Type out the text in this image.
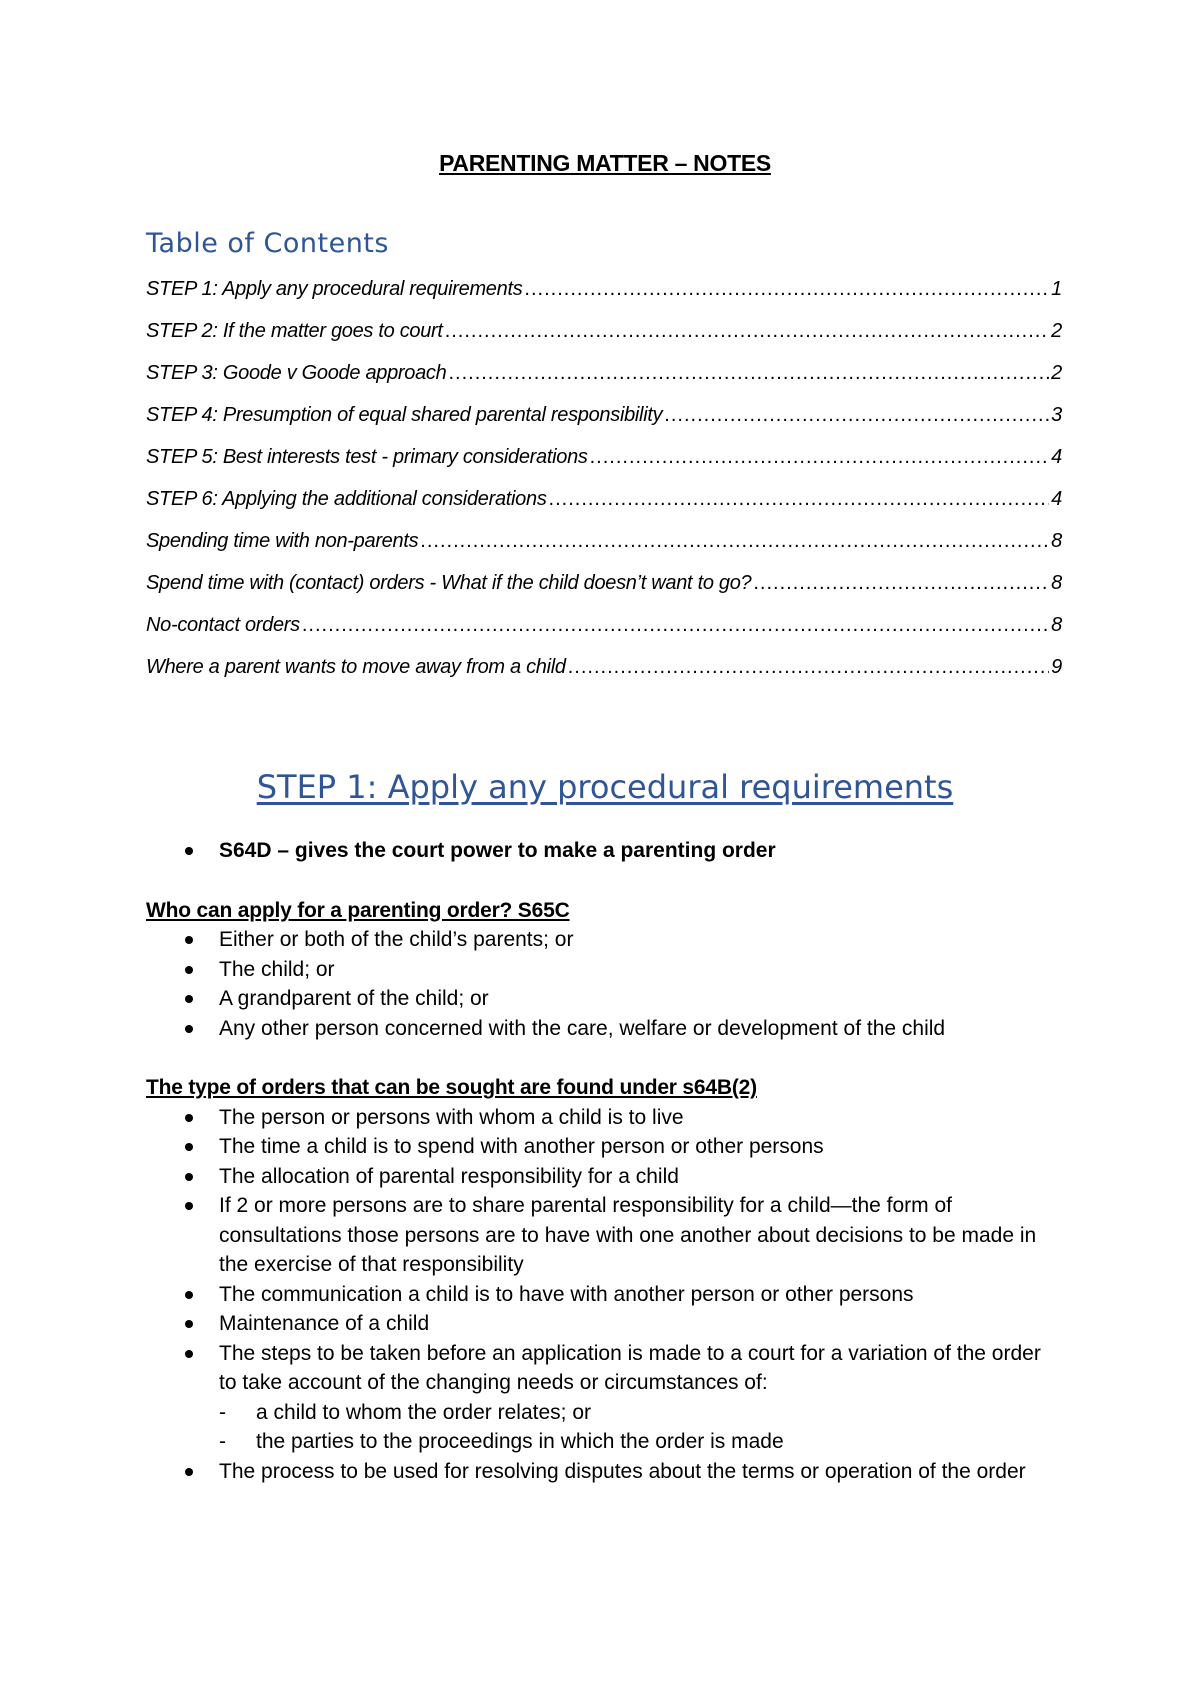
PARENTING MATTER – NOTES
Table of Contents
STEP 1: Apply any procedural requirements .....	1
STEP 2: If the matter goes to court .....	2
STEP 3: Goode v Goode approach .....	2
STEP 4: Presumption of equal shared parental responsibility .....	3
STEP 5: Best interests test - primary considerations .....	4
STEP 6: Applying the additional considerations .....	4
Spending time with non-parents .....	8
Spend time with (contact) orders - What if the child doesn’t want to go? .....	8
No-contact orders .....	8
Where a parent wants to move away from a child .....	9
STEP 1: Apply any procedural requirements
S64D – gives the court power to make a parenting order

Who can apply for a parenting order? S65C

Either or both of the child’s parents; or
The child; or
A grandparent of the child; or
Any other person concerned with the care, welfare or development of the child

The type of orders that can be sought are found under s64B(2)

The person or persons with whom a child is to live
The time a child is to spend with another person or other persons
The allocation of parental responsibility for a child
If 2 or more persons are to share parental responsibility for a child—the form of consultations those persons are to have with one another about decisions to be made in the exercise of that responsibility
The communication a child is to have with another person or other persons
Maintenance of a child
The steps to be taken before an application is made to a court for a variation of the order to take account of the changing needs or circumstances of:
- a child to whom the order relates; or
- the parties to the proceedings in which the order is made
The process to be used for resolving disputes about the terms or operation of the order
